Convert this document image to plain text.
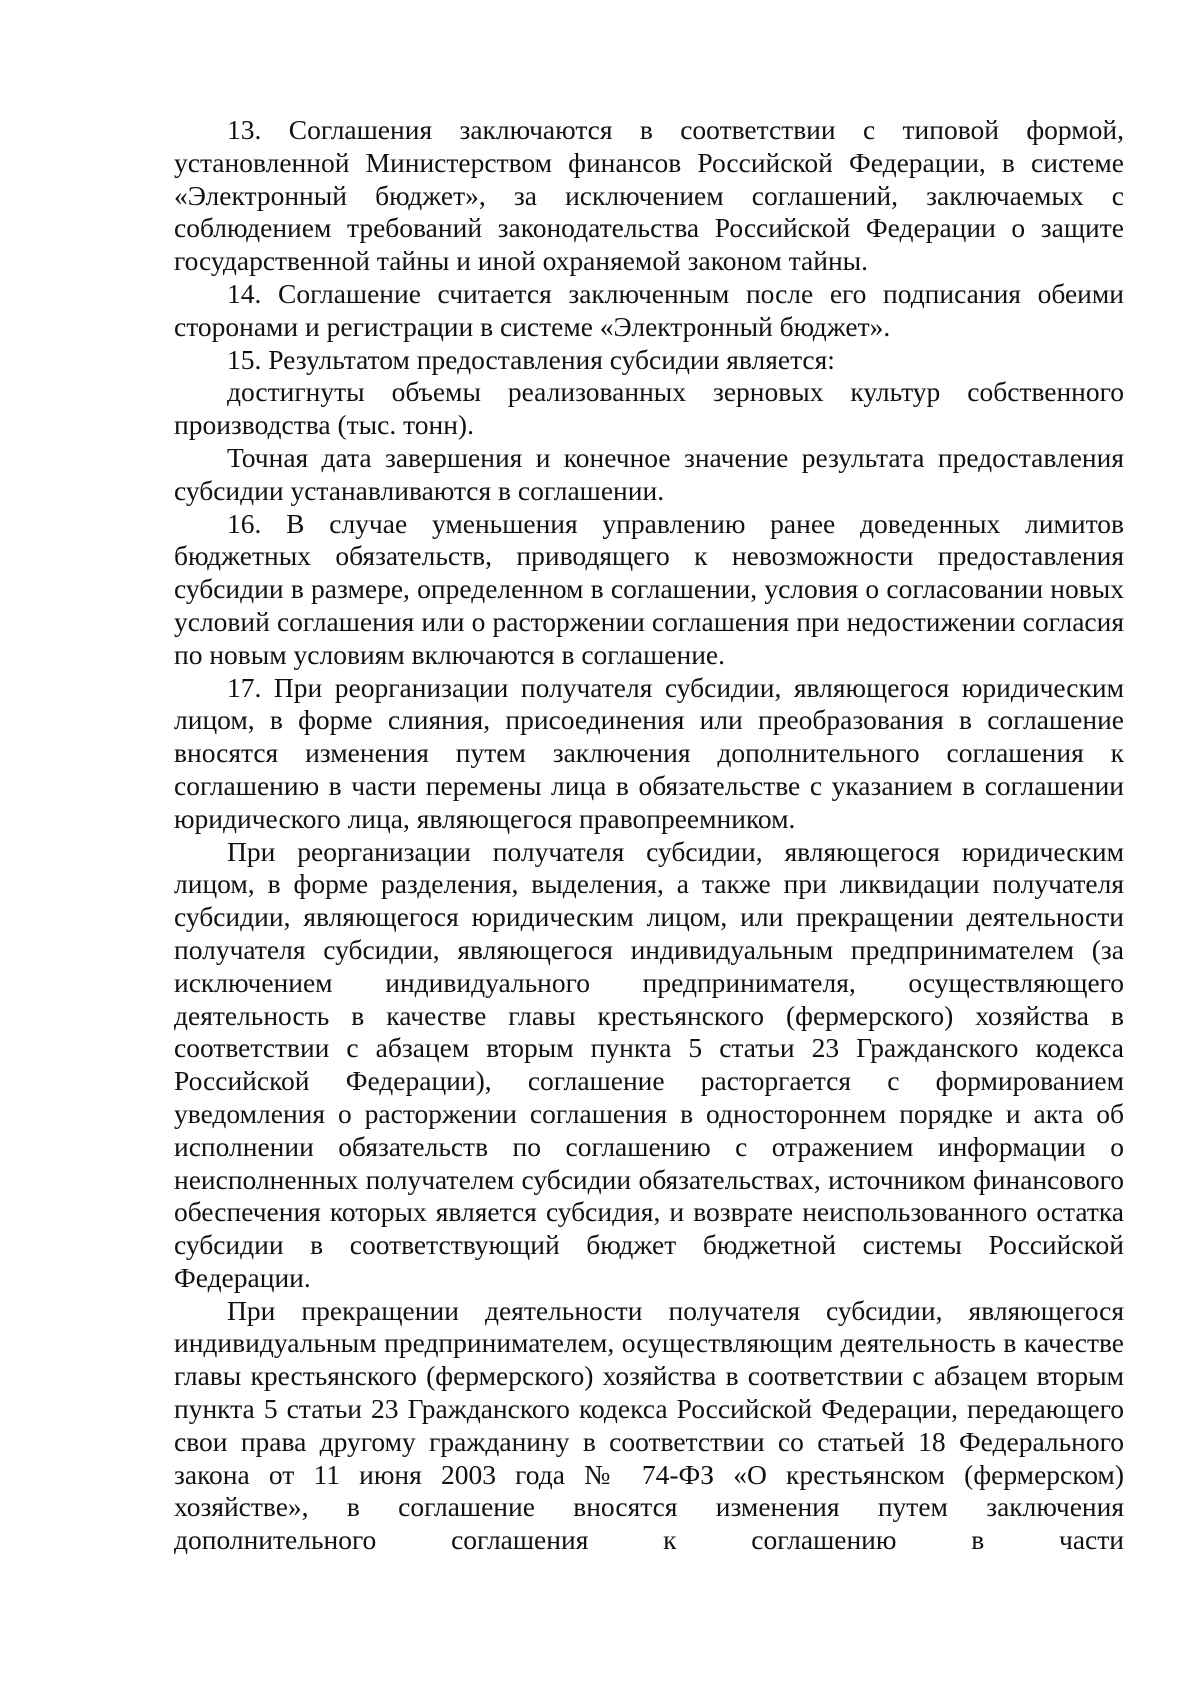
13. Соглашения заключаются в соответствии с типовой формой, установленной Министерством финансов Российской Федерации, в системе «Электронный бюджет», за исключением соглашений, заключаемых с соблюдением требований законодательства Российской Федерации о защите государственной тайны и иной охраняемой законом тайны.

14. Соглашение считается заключенным после его подписания обеими сторонами и регистрации в системе «Электронный бюджет».

15. Результатом предоставления субсидии является:

достигнуты объемы реализованных зерновых культур собственного производства (тыс. тонн).

Точная дата завершения и конечное значение результата предоставления субсидии устанавливаются в соглашении.

16. В случае уменьшения управлению ранее доведенных лимитов бюджетных обязательств, приводящего к невозможности предоставления субсидии в размере, определенном в соглашении, условия о согласовании новых условий соглашения или о расторжении соглашения при недостижении согласия по новым условиям включаются в соглашение.

17. При реорганизации получателя субсидии, являющегося юридическим лицом, в форме слияния, присоединения или преобразования в соглашение вносятся изменения путем заключения дополнительного соглашения к соглашению в части перемены лица в обязательстве с указанием в соглашении юридического лица, являющегося правопреемником.

При реорганизации получателя субсидии, являющегося юридическим лицом, в форме разделения, выделения, а также при ликвидации получателя субсидии, являющегося юридическим лицом, или прекращении деятельности получателя субсидии, являющегося индивидуальным предпринимателем (за исключением индивидуального предпринимателя, осуществляющего деятельность в качестве главы крестьянского (фермерского) хозяйства в соответствии с абзацем вторым пункта 5 статьи 23 Гражданского кодекса Российской Федерации), соглашение расторгается с формированием уведомления о расторжении соглашения в одностороннем порядке и акта об исполнении обязательств по соглашению с отражением информации о неисполненных получателем субсидии обязательствах, источником финансового обеспечения которых является субсидия, и возврате неиспользованного остатка субсидии в соответствующий бюджет бюджетной системы Российской Федерации.

При прекращении деятельности получателя субсидии, являющегося индивидуальным предпринимателем, осуществляющим деятельность в качестве главы крестьянского (фермерского) хозяйства в соответствии с абзацем вторым пункта 5 статьи 23 Гражданского кодекса Российской Федерации, передающего свои права другому гражданину в соответствии со статьей 18 Федерального закона от 11 июня 2003 года № 74-ФЗ «О крестьянском (фермерском) хозяйстве», в соглашение вносятся изменения путем заключения дополнительного соглашения к соглашению в части
